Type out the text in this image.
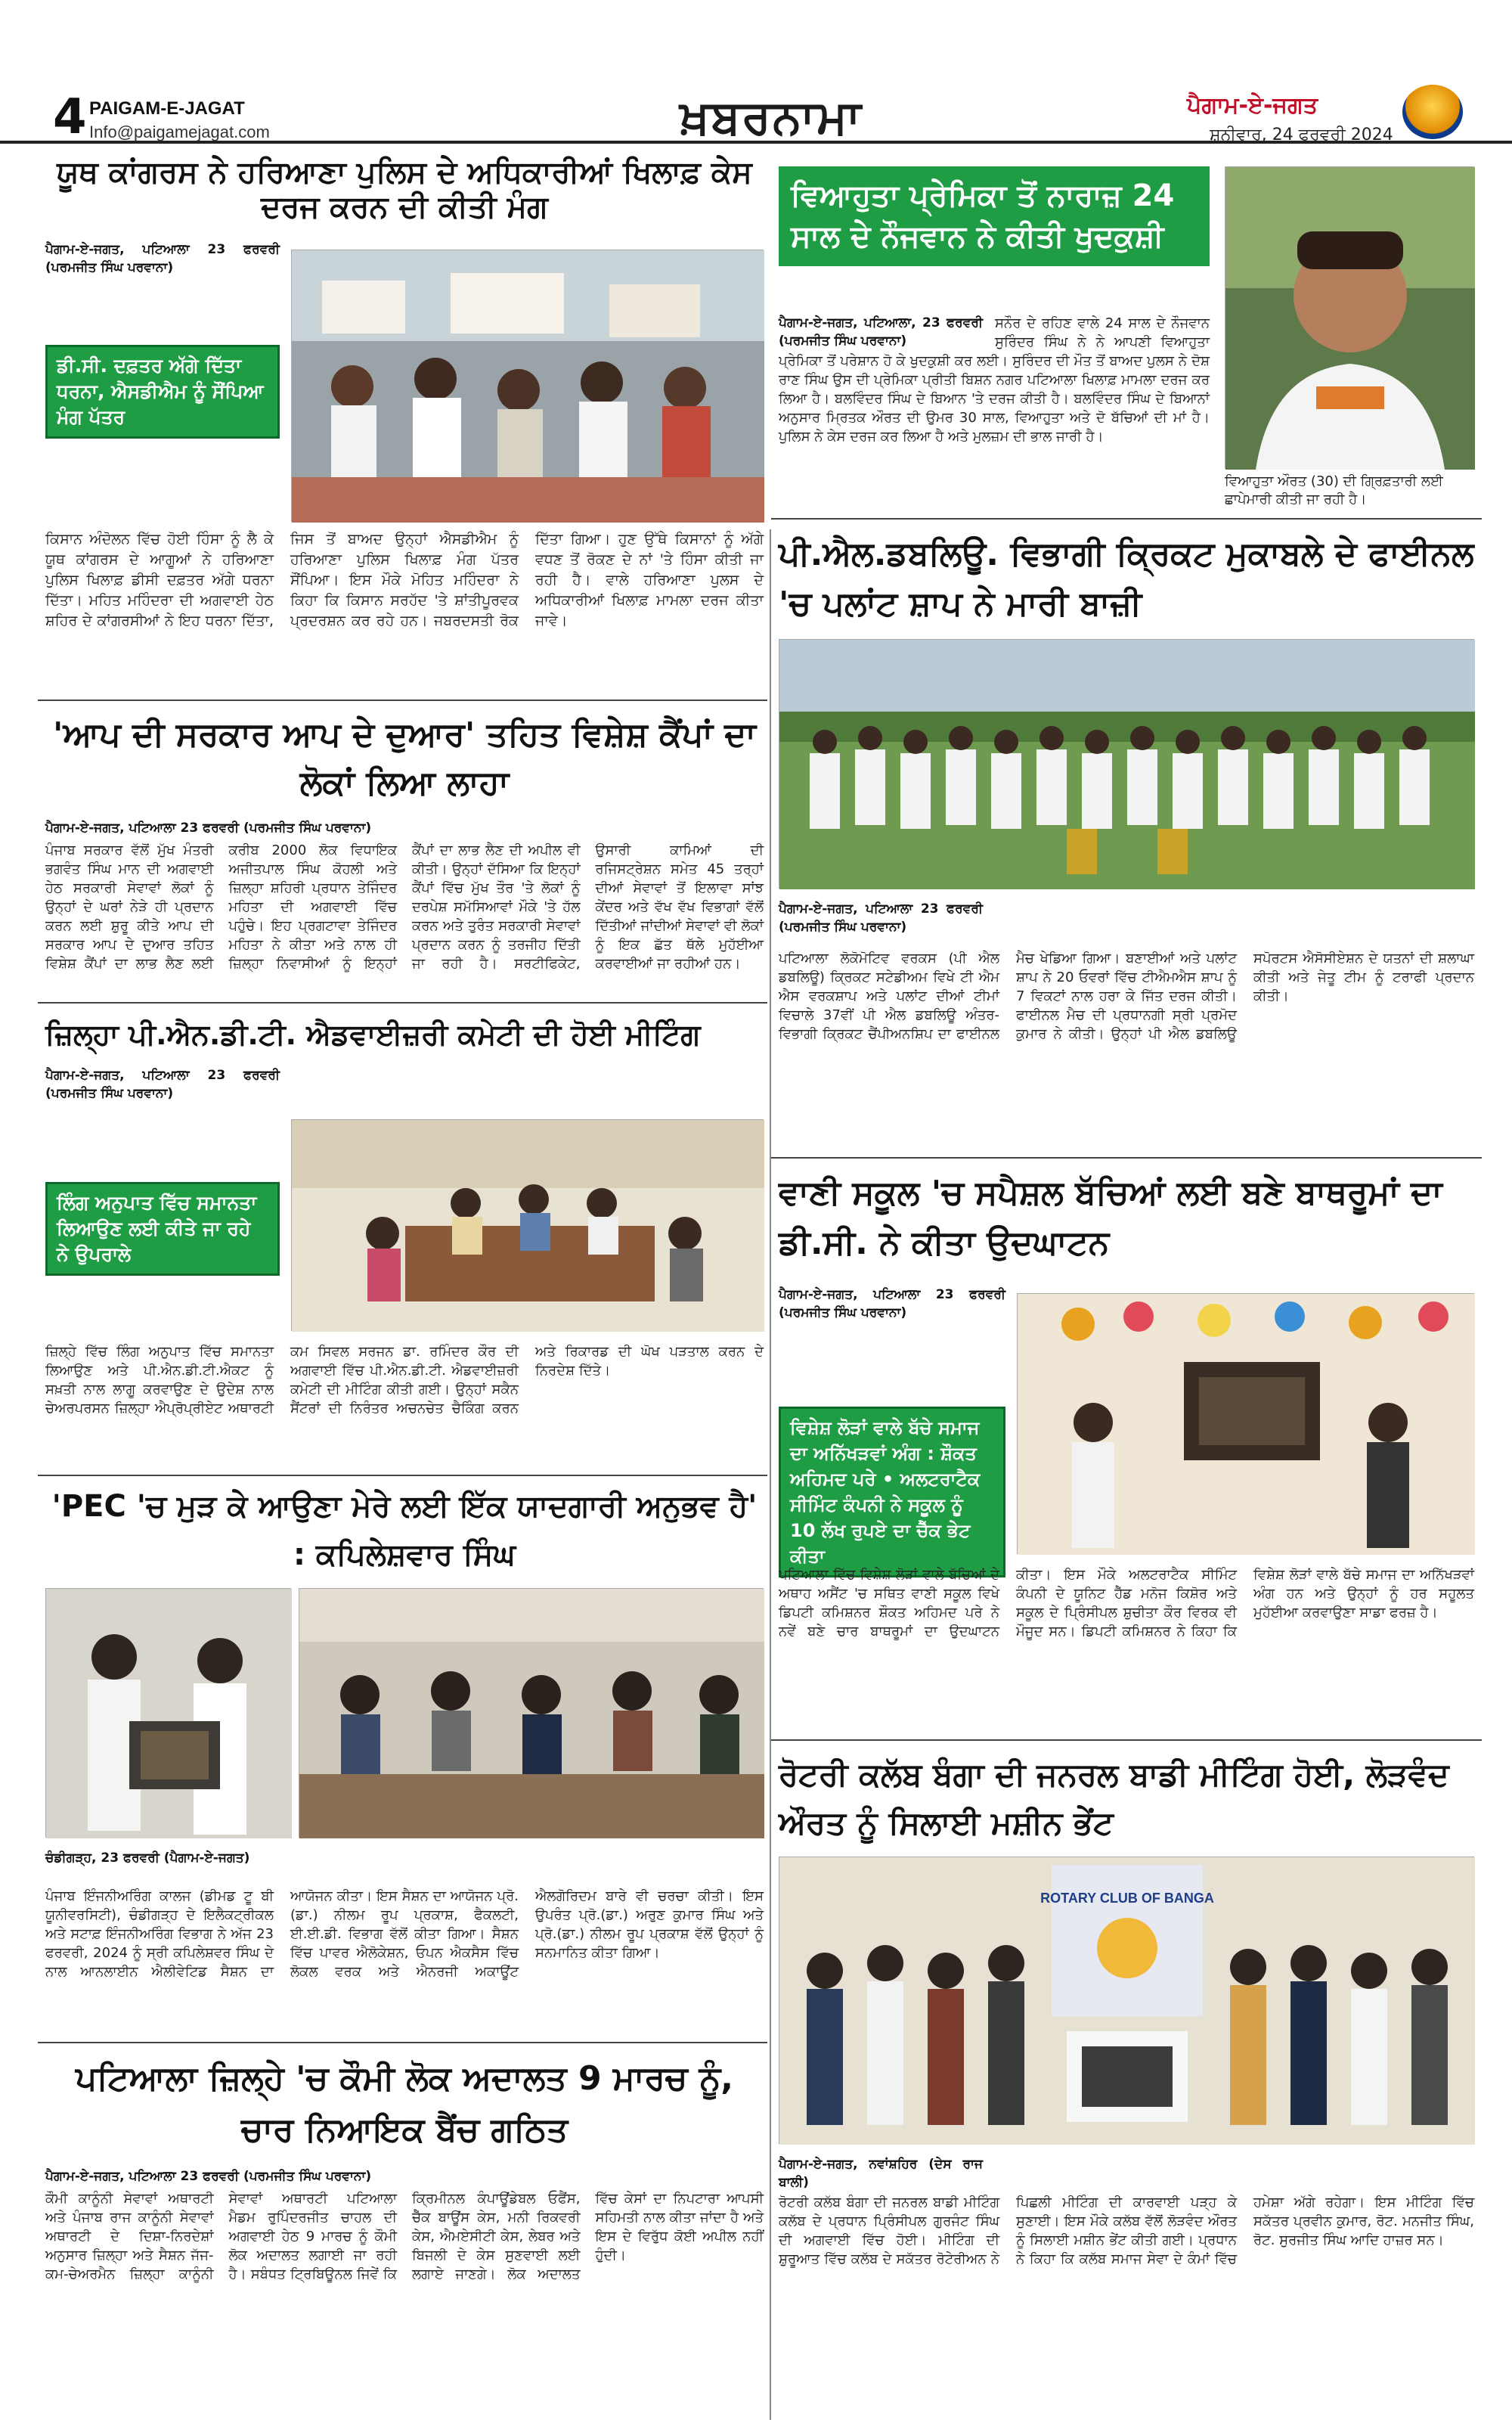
4 PAIGAM-E-JAGAT
Info@paigamejagat.com	ਖ਼ਬਰਨਾਮਾ	ਪੈਗਾਮ-ਏ-ਜਗਤ
ਸ਼ਨੀਵਾਰ, 24 ਫਰਵਰੀ 2024
ਯੂਥ ਕਾਂਗਰਸ ਨੇ ਹਰਿਆਣਾ ਪੁਲਿਸ ਦੇ ਅਧਿਕਾਰੀਆਂ ਖਿਲਾਫ਼ ਕੇਸ ਦਰਜ ਕਰਨ ਦੀ ਕੀਤੀ ਮੰਗ
ਪੈਗਾਮ-ਏ-ਜਗਤ, ਪਟਿਆਲਾ 23 ਫਰਵਰੀ (ਪਰਮਜੀਤ ਸਿੰਘ ਪਰਵਾਨਾ)
ਡੀ.ਸੀ. ਦਫ਼ਤਰ ਅੱਗੇ ਦਿੱਤਾ ਧਰਨਾ, ਐਸਡੀਐਮ ਨੂੰ ਸੌਂਪਿਆ ਮੰਗ ਪੱਤਰ
ਕਿਸਾਨ ਅੰਦੋਲਨ ਵਿੱਚ ਹੋਈ ਹਿੰਸਾ ਨੂੰ ਲੈ ਕੇ ਯੂਥ ਕਾਂਗਰਸ ਦੇ ਆਗੂਆਂ ਨੇ ਹਰਿਆਣਾ ਪੁਲਿਸ ਖਿਲਾਫ਼ ਡੀਸੀ ਦਫ਼ਤਰ ਅੱਗੇ ਧਰਨਾ ਦਿੱਤਾ। ਮਹਿਤ ਮਹਿੰਦਰਾ ਦੀ ਅਗਵਾਈ ਹੇਠ ਸ਼ਹਿਰ ਦੇ ਕਾਂਗਰਸੀਆਂ ਨੇ ਇਹ ਧਰਨਾ ਦਿੱਤਾ, ਜਿਸ ਤੋਂ ਬਾਅਦ ਉਨ੍ਹਾਂ ਐਸਡੀਐਮ ਨੂੰ ਹਰਿਆਣਾ ਪੁਲਿਸ ਖਿਲਾਫ਼ ਮੰਗ ਪੱਤਰ ਸੌਂਪਿਆ। ਇਸ ਮੌਕੇ ਮੋਹਿਤ ਮਹਿੰਦਰਾ ਨੇ ਕਿਹਾ ਕਿ ਕਿਸਾਨ ਸਰਹੱਦ 'ਤੇ ਸ਼ਾਂਤੀਪੂਰਵਕ ਪ੍ਰਦਰਸ਼ਨ ਕਰ ਰਹੇ ਹਨ। ਜਬਰਦਸਤੀ ਰੋਕ ਦਿੱਤਾ ਗਿਆ। ਹੁਣ ਉੱਥੇ ਕਿਸਾਨਾਂ ਨੂੰ ਅੱਗੇ ਵਧਣ ਤੋਂ ਰੋਕਣ ਦੇ ਨਾਂ 'ਤੇ ਹਿੰਸਾ ਕੀਤੀ ਜਾ ਰਹੀ ਹੈ। ਵਾਲੇ ਹਰਿਆਣਾ ਪੁਲਸ ਦੇ ਅਧਿਕਾਰੀਆਂ ਖਿਲਾਫ਼ ਮਾਮਲਾ ਦਰਜ ਕੀਤਾ ਜਾਵੇ।
ਵਿਆਹੁਤਾ ਪ੍ਰੇਮਿਕਾ ਤੋਂ ਨਾਰਾਜ਼ 24 ਸਾਲ ਦੇ ਨੌਜਵਾਨ ਨੇ ਕੀਤੀ ਖੁਦਕੁਸ਼ੀ
ਪੈਗਾਮ-ਏ-ਜਗਤ, ਪਟਿਆਲਾ, 23 ਫਰਵਰੀ (ਪਰਮਜੀਤ ਸਿੰਘ ਪਰਵਾਨਾ)
ਸਨੌਰ ਦੇ ਰਹਿਣ ਵਾਲੇ 24 ਸਾਲ ਦੇ ਨੌਜਵਾਨ ਸੁਰਿੰਦਰ ਸਿੰਘ ਨੇ ਨੇ ਆਪਣੀ ਵਿਆਹੁਤਾ ਪ੍ਰੇਮਿਕਾ ਤੋਂ ਪਰੇਸ਼ਾਨ ਹੋ ਕੇ ਖੁਦਕੁਸ਼ੀ ਕਰ ਲਈ। ਸੁਰਿੰਦਰ ਦੀ ਮੌਤ ਤੋਂ ਬਾਅਦ ਪੁਲਸ ਨੇ ਦੋਸ਼ ਰਾਣ ਸਿੰਘ ਉਸ ਦੀ ਪ੍ਰੇਮਿਕਾ ਪ੍ਰੀਤੀ ਬਿਸ਼ਨ ਨਗਰ ਪਟਿਆਲਾ ਖਿਲਾਫ਼ ਮਾਮਲਾ ਦਰਜ ਕਰ ਲਿਆ ਹੈ। ਬਲਵਿੰਦਰ ਸਿੰਘ ਦੇ ਬਿਆਨ 'ਤੇ ਦਰਜ ਕੀਤੀ ਹੈ। ਬਲਵਿੰਦਰ ਸਿੰਘ ਦੇ ਬਿਆਨਾਂ ਅਨੁਸਾਰ ਮ੍ਰਿਤਕ ਔਰਤ ਦੀ ਉਮਰ 30 ਸਾਲ, ਵਿਆਹੁਤਾ ਅਤੇ ਦੋ ਬੱਚਿਆਂ ਦੀ ਮਾਂ ਹੈ। ਪੁਲਿਸ ਨੇ ਕੇਸ ਦਰਜ ਕਰ ਲਿਆ ਹੈ ਅਤੇ ਮੁਲਜ਼ਮ ਦੀ ਭਾਲ ਜਾਰੀ ਹੈ।
ਵਿਆਹੁਤਾ ਔਰਤ (30) ਦੀ ਗ੍ਰਿਫ਼ਤਾਰੀ ਲਈ ਛਾਪੇਮਾਰੀ ਕੀਤੀ ਜਾ ਰਹੀ ਹੈ।
'ਆਪ ਦੀ ਸਰਕਾਰ ਆਪ ਦੇ ਦੁਆਰ' ਤਹਿਤ ਵਿਸ਼ੇਸ਼ ਕੈਂਪਾਂ ਦਾ ਲੋਕਾਂ ਲਿਆ ਲਾਹਾ
ਪੈਗਾਮ-ਏ-ਜਗਤ, ਪਟਿਆਲਾ 23 ਫਰਵਰੀ (ਪਰਮਜੀਤ ਸਿੰਘ ਪਰਵਾਨਾ)
ਪੰਜਾਬ ਸਰਕਾਰ ਵੱਲੋਂ ਮੁੱਖ ਮੰਤਰੀ ਭਗਵੰਤ ਸਿੰਘ ਮਾਨ ਦੀ ਅਗਵਾਈ ਹੇਠ ਸਰਕਾਰੀ ਸੇਵਾਵਾਂ ਲੋਕਾਂ ਨੂੰ ਉਨ੍ਹਾਂ ਦੇ ਘਰਾਂ ਨੇੜੇ ਹੀ ਪ੍ਰਦਾਨ ਕਰਨ ਲਈ ਸ਼ੁਰੂ ਕੀਤੇ ਆਪ ਦੀ ਸਰਕਾਰ ਆਪ ਦੇ ਦੁਆਰ ਤਹਿਤ ਵਿਸ਼ੇਸ਼ ਕੈਂਪਾਂ ਦਾ ਲਾਭ ਲੈਣ ਲਈ ਕਰੀਬ 2000 ਲੋਕ ਵਿਧਾਇਕ ਅਜੀਤਪਾਲ ਸਿੰਘ ਕੋਹਲੀ ਅਤੇ ਜ਼ਿਲ੍ਹਾ ਸ਼ਹਿਰੀ ਪ੍ਰਧਾਨ ਤੇਜਿੰਦਰ ਮਹਿਤਾ ਦੀ ਅਗਵਾਈ ਵਿੱਚ ਪਹੁੰਚੇ। ਇਹ ਪ੍ਰਗਟਾਵਾ ਤੇਜਿੰਦਰ ਮਹਿਤਾ ਨੇ ਕੀਤਾ ਅਤੇ ਨਾਲ ਹੀ ਜ਼ਿਲ੍ਹਾ ਨਿਵਾਸੀਆਂ ਨੂੰ ਇਨ੍ਹਾਂ ਕੈਂਪਾਂ ਦਾ ਲਾਭ ਲੈਣ ਦੀ ਅਪੀਲ ਵੀ ਕੀਤੀ। ਉਨ੍ਹਾਂ ਦੱਸਿਆ ਕਿ ਇਨ੍ਹਾਂ ਕੈਂਪਾਂ ਵਿੱਚ ਮੁੱਖ ਤੌਰ 'ਤੇ ਲੋਕਾਂ ਨੂੰ ਦਰਪੇਸ਼ ਸਮੱਸਿਆਵਾਂ ਮੌਕੇ 'ਤੇ ਹੱਲ ਕਰਨ ਅਤੇ ਤੁਰੰਤ ਸਰਕਾਰੀ ਸੇਵਾਵਾਂ ਪ੍ਰਦਾਨ ਕਰਨ ਨੂੰ ਤਰਜੀਹ ਦਿੱਤੀ ਜਾ ਰਹੀ ਹੈ। ਸਰਟੀਫਿਕੇਟ, ਉਸਾਰੀ ਕਾਮਿਆਂ ਦੀ ਰਜਿਸਟ੍ਰੇਸ਼ਨ ਸਮੇਤ 45 ਤਰ੍ਹਾਂ ਦੀਆਂ ਸੇਵਾਵਾਂ ਤੋਂ ਇਲਾਵਾ ਸਾਂਝ ਕੇਂਦਰ ਅਤੇ ਵੱਖ ਵੱਖ ਵਿਭਾਗਾਂ ਵੱਲੋਂ ਦਿੱਤੀਆਂ ਜਾਂਦੀਆਂ ਸੇਵਾਵਾਂ ਵੀ ਲੋਕਾਂ ਨੂੰ ਇਕ ਛੱਤ ਥੱਲੇ ਮੁਹੱਈਆ ਕਰਵਾਈਆਂ ਜਾ ਰਹੀਆਂ ਹਨ।
ਜ਼ਿਲ੍ਹਾ ਪੀ.ਐਨ.ਡੀ.ਟੀ. ਐਡਵਾਈਜ਼ਰੀ ਕਮੇਟੀ ਦੀ ਹੋਈ ਮੀਟਿੰਗ
ਪੈਗਾਮ-ਏ-ਜਗਤ, ਪਟਿਆਲਾ 23 ਫਰਵਰੀ (ਪਰਮਜੀਤ ਸਿੰਘ ਪਰਵਾਨਾ)
ਲਿੰਗ ਅਨੁਪਾਤ ਵਿੱਚ ਸਮਾਨਤਾ ਲਿਆਉਣ ਲਈ ਕੀਤੇ ਜਾ ਰਹੇ ਨੇ ਉਪਰਾਲੇ
ਜ਼ਿਲ੍ਹੇ ਵਿੱਚ ਲਿੰਗ ਅਨੁਪਾਤ ਵਿੱਚ ਸਮਾਨਤਾ ਲਿਆਉਣ ਅਤੇ ਪੀ.ਐਨ.ਡੀ.ਟੀ.ਐਕਟ ਨੂੰ ਸਖ਼ਤੀ ਨਾਲ ਲਾਗੂ ਕਰਵਾਉਣ ਦੇ ਉਦੇਸ਼ ਨਾਲ ਚੇਅਰਪਰਸਨ ਜ਼ਿਲ੍ਹਾ ਐਪ੍ਰੋਪ੍ਰੀਏਟ ਅਥਾਰਟੀ ਕਮ ਸਿਵਲ ਸਰਜਨ ਡਾ. ਰਮਿੰਦਰ ਕੌਰ ਦੀ ਅਗਵਾਈ ਵਿੱਚ ਪੀ.ਐਨ.ਡੀ.ਟੀ. ਐਡਵਾਈਜ਼ਰੀ ਕਮੇਟੀ ਦੀ ਮੀਟਿੰਗ ਕੀਤੀ ਗਈ। ਉਨ੍ਹਾਂ ਸਕੈਨ ਸੈਂਟਰਾਂ ਦੀ ਨਿਰੰਤਰ ਅਚਨਚੇਤ ਚੈਕਿੰਗ ਕਰਨ ਅਤੇ ਰਿਕਾਰਡ ਦੀ ਘੋਖ ਪੜਤਾਲ ਕਰਨ ਦੇ ਨਿਰਦੇਸ਼ ਦਿੱਤੇ।
'PEC 'ਚ ਮੁੜ ਕੇ ਆਉਣਾ ਮੇਰੇ ਲਈ ਇੱਕ ਯਾਦਗਾਰੀ ਅਨੁਭਵ ਹੈ' : ਕਪਿਲੇਸ਼ਵਾਰ ਸਿੰਘ
ਚੰਡੀਗੜ੍ਹ, 23 ਫਰਵਰੀ (ਪੈਗਾਮ-ਏ-ਜਗਤ)
ਪੰਜਾਬ ਇੰਜਨੀਅਰਿੰਗ ਕਾਲਜ (ਡੀਮਡ ਟੂ ਬੀ ਯੂਨੀਵਰਸਿਟੀ), ਚੰਡੀਗੜ੍ਹ ਦੇ ਇਲੈਕਟ੍ਰੀਕਲ ਅਤੇ ਸਟਾਫ਼ ਇੰਜਨੀਅਰਿੰਗ ਵਿਭਾਗ ਨੇ ਅੱਜ 23 ਫਰਵਰੀ, 2024 ਨੂੰ ਸ੍ਰੀ ਕਪਿਲੇਸ਼ਵਰ ਸਿੰਘ ਦੇ ਨਾਲ ਆਨਲਾਈਨ ਐਲੀਵੇਟਿਡ ਸੈਸ਼ਨ ਦਾ ਆਯੋਜਨ ਕੀਤਾ। ਇਸ ਸੈਸ਼ਨ ਦਾ ਆਯੋਜਨ ਪ੍ਰੋ.(ਡਾ.) ਨੀਲਮ ਰੂਪ ਪ੍ਰਕਾਸ਼, ਫੈਕਲਟੀ, ਈ.ਈ.ਡੀ. ਵਿਭਾਗ ਵੱਲੋਂ ਕੀਤਾ ਗਿਆ। ਸੈਸ਼ਨ ਵਿੱਚ ਪਾਵਰ ਐਲੋਕੇਸ਼ਨ, ਓਪਨ ਐਕਸੈਸ ਵਿੱਚ ਲੋਕਲ ਵਰਕ ਅਤੇ ਐਨਰਜੀ ਅਕਾਊਂਟ ਐਲਗੋਰਿਦਮ ਬਾਰੇ ਵੀ ਚਰਚਾ ਕੀਤੀ। ਇਸ ਉਪਰੰਤ ਪ੍ਰੋ.(ਡਾ.) ਅਰੁਣ ਕੁਮਾਰ ਸਿੰਘ ਅਤੇ ਪ੍ਰੋ.(ਡਾ.) ਨੀਲਮ ਰੂਪ ਪ੍ਰਕਾਸ਼ ਵੱਲੋਂ ਉਨ੍ਹਾਂ ਨੂੰ ਸਨਮਾਨਿਤ ਕੀਤਾ ਗਿਆ।
ਪਟਿਆਲਾ ਜ਼ਿਲ੍ਹੇ 'ਚ ਕੌਮੀ ਲੋਕ ਅਦਾਲਤ 9 ਮਾਰਚ ਨੂੰ, ਚਾਰ ਨਿਆਇਕ ਬੈਂਚ ਗਠਿਤ
ਪੈਗਾਮ-ਏ-ਜਗਤ, ਪਟਿਆਲਾ 23 ਫਰਵਰੀ (ਪਰਮਜੀਤ ਸਿੰਘ ਪਰਵਾਨਾ)
ਕੌਮੀ ਕਾਨੂੰਨੀ ਸੇਵਾਵਾਂ ਅਥਾਰਟੀ ਅਤੇ ਪੰਜਾਬ ਰਾਜ ਕਾਨੂੰਨੀ ਸੇਵਾਵਾਂ ਅਥਾਰਟੀ ਦੇ ਦਿਸ਼ਾ-ਨਿਰਦੇਸ਼ਾਂ ਅਨੁਸਾਰ ਜ਼ਿਲ੍ਹਾ ਅਤੇ ਸੈਸ਼ਨ ਜੱਜ-ਕਮ-ਚੇਅਰਮੈਨ ਜ਼ਿਲ੍ਹਾ ਕਾਨੂੰਨੀ ਸੇਵਾਵਾਂ ਅਥਾਰਟੀ ਪਟਿਆਲਾ ਮੈਡਮ ਰੁਪਿੰਦਰਜੀਤ ਚਾਹਲ ਦੀ ਅਗਵਾਈ ਹੇਠ 9 ਮਾਰਚ ਨੂੰ ਕੌਮੀ ਲੋਕ ਅਦਾਲਤ ਲਗਾਈ ਜਾ ਰਹੀ ਹੈ। ਸਬੰਧਤ ਟ੍ਰਿਬਿਊਨਲ ਜਿਵੇਂ ਕਿ ਕ੍ਰਿਮੀਨਲ ਕੰਪਾਊਂਡੇਬਲ ਓਫੈਂਸ, ਚੈੱਕ ਬਾਊਂਸ ਕੇਸ, ਮਨੀ ਰਿਕਵਰੀ ਕੇਸ, ਐਮਏਸੀਟੀ ਕੇਸ, ਲੇਬਰ ਅਤੇ ਬਿਜਲੀ ਦੇ ਕੇਸ ਸੁਣਵਾਈ ਲਈ ਲਗਾਏ ਜਾਣਗੇ। ਲੋਕ ਅਦਾਲਤ ਵਿੱਚ ਕੇਸਾਂ ਦਾ ਨਿਪਟਾਰਾ ਆਪਸੀ ਸਹਿਮਤੀ ਨਾਲ ਕੀਤਾ ਜਾਂਦਾ ਹੈ ਅਤੇ ਇਸ ਦੇ ਵਿਰੁੱਧ ਕੋਈ ਅਪੀਲ ਨਹੀਂ ਹੁੰਦੀ।
ਪੀ.ਐਲ.ਡਬਲਿਊ. ਵਿਭਾਗੀ ਕ੍ਰਿਕਟ ਮੁਕਾਬਲੇ ਦੇ ਫਾਈਨਲ 'ਚ ਪਲਾਂਟ ਸ਼ਾਪ ਨੇ ਮਾਰੀ ਬਾਜ਼ੀ
ਪੈਗਾਮ-ਏ-ਜਗਤ, ਪਟਿਆਲਾ 23 ਫਰਵਰੀ (ਪਰਮਜੀਤ ਸਿੰਘ ਪਰਵਾਨਾ)
ਪਟਿਆਲਾ ਲੋਕੋਮੋਟਿਵ ਵਰਕਸ (ਪੀ ਐਲ ਡਬਲਿਊ) ਕ੍ਰਿਕਟ ਸਟੇਡੀਅਮ ਵਿਖੇ ਟੀ ਐਮ ਐਸ ਵਰਕਸ਼ਾਪ ਅਤੇ ਪਲਾਂਟ ਦੀਆਂ ਟੀਮਾਂ ਵਿਚਾਲੇ 37ਵੀਂ ਪੀ ਐਲ ਡਬਲਿਊ ਅੰਤਰ-ਵਿਭਾਗੀ ਕ੍ਰਿਕਟ ਚੈਂਪੀਅਨਸ਼ਿਪ ਦਾ ਫਾਈਨਲ ਮੈਚ ਖੇਡਿਆ ਗਿਆ। ਬਣਾਈਆਂ ਅਤੇ ਪਲਾਂਟ ਸ਼ਾਪ ਨੇ 20 ਓਵਰਾਂ ਵਿੱਚ ਟੀਐਮਐਸ ਸ਼ਾਪ ਨੂੰ 7 ਵਿਕਟਾਂ ਨਾਲ ਹਰਾ ਕੇ ਜਿੱਤ ਦਰਜ ਕੀਤੀ। ਫਾਈਨਲ ਮੈਚ ਦੀ ਪ੍ਰਧਾਨਗੀ ਸ੍ਰੀ ਪ੍ਰਮੋਦ ਕੁਮਾਰ ਨੇ ਕੀਤੀ। ਉਨ੍ਹਾਂ ਪੀ ਐਲ ਡਬਲਿਊ ਸਪੋਰਟਸ ਐਸੋਸੀਏਸ਼ਨ ਦੇ ਯਤਨਾਂ ਦੀ ਸ਼ਲਾਘਾ ਕੀਤੀ ਅਤੇ ਜੇਤੂ ਟੀਮ ਨੂੰ ਟਰਾਫੀ ਪ੍ਰਦਾਨ ਕੀਤੀ।
ਵਾਣੀ ਸਕੂਲ 'ਚ ਸਪੈਸ਼ਲ ਬੱਚਿਆਂ ਲਈ ਬਣੇ ਬਾਥਰੂਮਾਂ ਦਾ ਡੀ.ਸੀ. ਨੇ ਕੀਤਾ ਉਦਘਾਟਨ
ਪੈਗਾਮ-ਏ-ਜਗਤ, ਪਟਿਆਲਾ 23 ਫਰਵਰੀ (ਪਰਮਜੀਤ ਸਿੰਘ ਪਰਵਾਨਾ)
ਵਿਸ਼ੇਸ਼ ਲੋੜਾਂ ਵਾਲੇ ਬੱਚੇ ਸਮਾਜ ਦਾ ਅਨਿੱਖੜਵਾਂ ਅੰਗ : ਸ਼ੌਕਤ ਅਹਿਮਦ ਪਰੇ • ਅਲਟਰਾਟੈਕ ਸੀਮਿੰਟ ਕੰਪਨੀ ਨੇ ਸਕੂਲ ਨੂੰ 10 ਲੱਖ ਰੁਪਏ ਦਾ ਚੈੱਕ ਭੇਟ ਕੀਤਾ
ਪਟਿਆਲਾ ਵਿੱਚ ਵਿਸ਼ੇਸ਼ ਲੋੜਾਂ ਵਾਲੇ ਬੱਚਿਆਂ ਦੇ ਅਥਾਹ ਅਸੈਂਟ 'ਚ ਸਥਿਤ ਵਾਣੀ ਸਕੂਲ ਵਿਖੇ ਡਿਪਟੀ ਕਮਿਸ਼ਨਰ ਸ਼ੌਕਤ ਅਹਿਮਦ ਪਰੇ ਨੇ ਨਵੇਂ ਬਣੇ ਚਾਰ ਬਾਥਰੂਮਾਂ ਦਾ ਉਦਘਾਟਨ ਕੀਤਾ। ਇਸ ਮੌਕੇ ਅਲਟਰਾਟੈਕ ਸੀਮਿੰਟ ਕੰਪਨੀ ਦੇ ਯੂਨਿਟ ਹੈੱਡ ਮਨੋਜ ਕਿਸ਼ੋਰ ਅਤੇ ਸਕੂਲ ਦੇ ਪ੍ਰਿੰਸੀਪਲ ਸ਼ੁਚੀਤਾ ਕੌਰ ਵਿਰਕ ਵੀ ਮੌਜੂਦ ਸਨ। ਡਿਪਟੀ ਕਮਿਸ਼ਨਰ ਨੇ ਕਿਹਾ ਕਿ ਵਿਸ਼ੇਸ਼ ਲੋੜਾਂ ਵਾਲੇ ਬੱਚੇ ਸਮਾਜ ਦਾ ਅਨਿੱਖੜਵਾਂ ਅੰਗ ਹਨ ਅਤੇ ਉਨ੍ਹਾਂ ਨੂੰ ਹਰ ਸਹੂਲਤ ਮੁਹੱਈਆ ਕਰਵਾਉਣਾ ਸਾਡਾ ਫਰਜ਼ ਹੈ।
ਰੋਟਰੀ ਕਲੱਬ ਬੰਗਾ ਦੀ ਜਨਰਲ ਬਾਡੀ ਮੀਟਿੰਗ ਹੋਈ, ਲੋੜਵੰਦ ਔਰਤ ਨੂੰ ਸਿਲਾਈ ਮਸ਼ੀਨ ਭੇਂਟ
ROTARY CLUB OF BANGA
ਪੈਗਾਮ-ਏ-ਜਗਤ, ਨਵਾਂਸ਼ਹਿਰ (ਦੇਸ ਰਾਜ ਬਾਲੀ)
ਰੋਟਰੀ ਕਲੱਬ ਬੰਗਾ ਦੀ ਜਨਰਲ ਬਾਡੀ ਮੀਟਿੰਗ ਕਲੱਬ ਦੇ ਪ੍ਰਧਾਨ ਪ੍ਰਿੰਸੀਪਲ ਗੁਰਜੰਟ ਸਿੰਘ ਦੀ ਅਗਵਾਈ ਵਿੱਚ ਹੋਈ। ਮੀਟਿੰਗ ਦੀ ਸ਼ੁਰੂਆਤ ਵਿੱਚ ਕਲੱਬ ਦੇ ਸਕੱਤਰ ਰੋਟੇਰੀਅਨ ਨੇ ਪਿਛਲੀ ਮੀਟਿੰਗ ਦੀ ਕਾਰਵਾਈ ਪੜ੍ਹ ਕੇ ਸੁਣਾਈ। ਇਸ ਮੌਕੇ ਕਲੱਬ ਵੱਲੋਂ ਲੋੜਵੰਦ ਔਰਤ ਨੂੰ ਸਿਲਾਈ ਮਸ਼ੀਨ ਭੇਂਟ ਕੀਤੀ ਗਈ। ਪ੍ਰਧਾਨ ਨੇ ਕਿਹਾ ਕਿ ਕਲੱਬ ਸਮਾਜ ਸੇਵਾ ਦੇ ਕੰਮਾਂ ਵਿੱਚ ਹਮੇਸ਼ਾ ਅੱਗੇ ਰਹੇਗਾ। ਇਸ ਮੀਟਿੰਗ ਵਿੱਚ ਸਕੱਤਰ ਪ੍ਰਵੀਨ ਕੁਮਾਰ, ਰੋਟ. ਮਨਜੀਤ ਸਿੰਘ, ਰੋਟ. ਸੁਰਜੀਤ ਸਿੰਘ ਆਦਿ ਹਾਜ਼ਰ ਸਨ।
